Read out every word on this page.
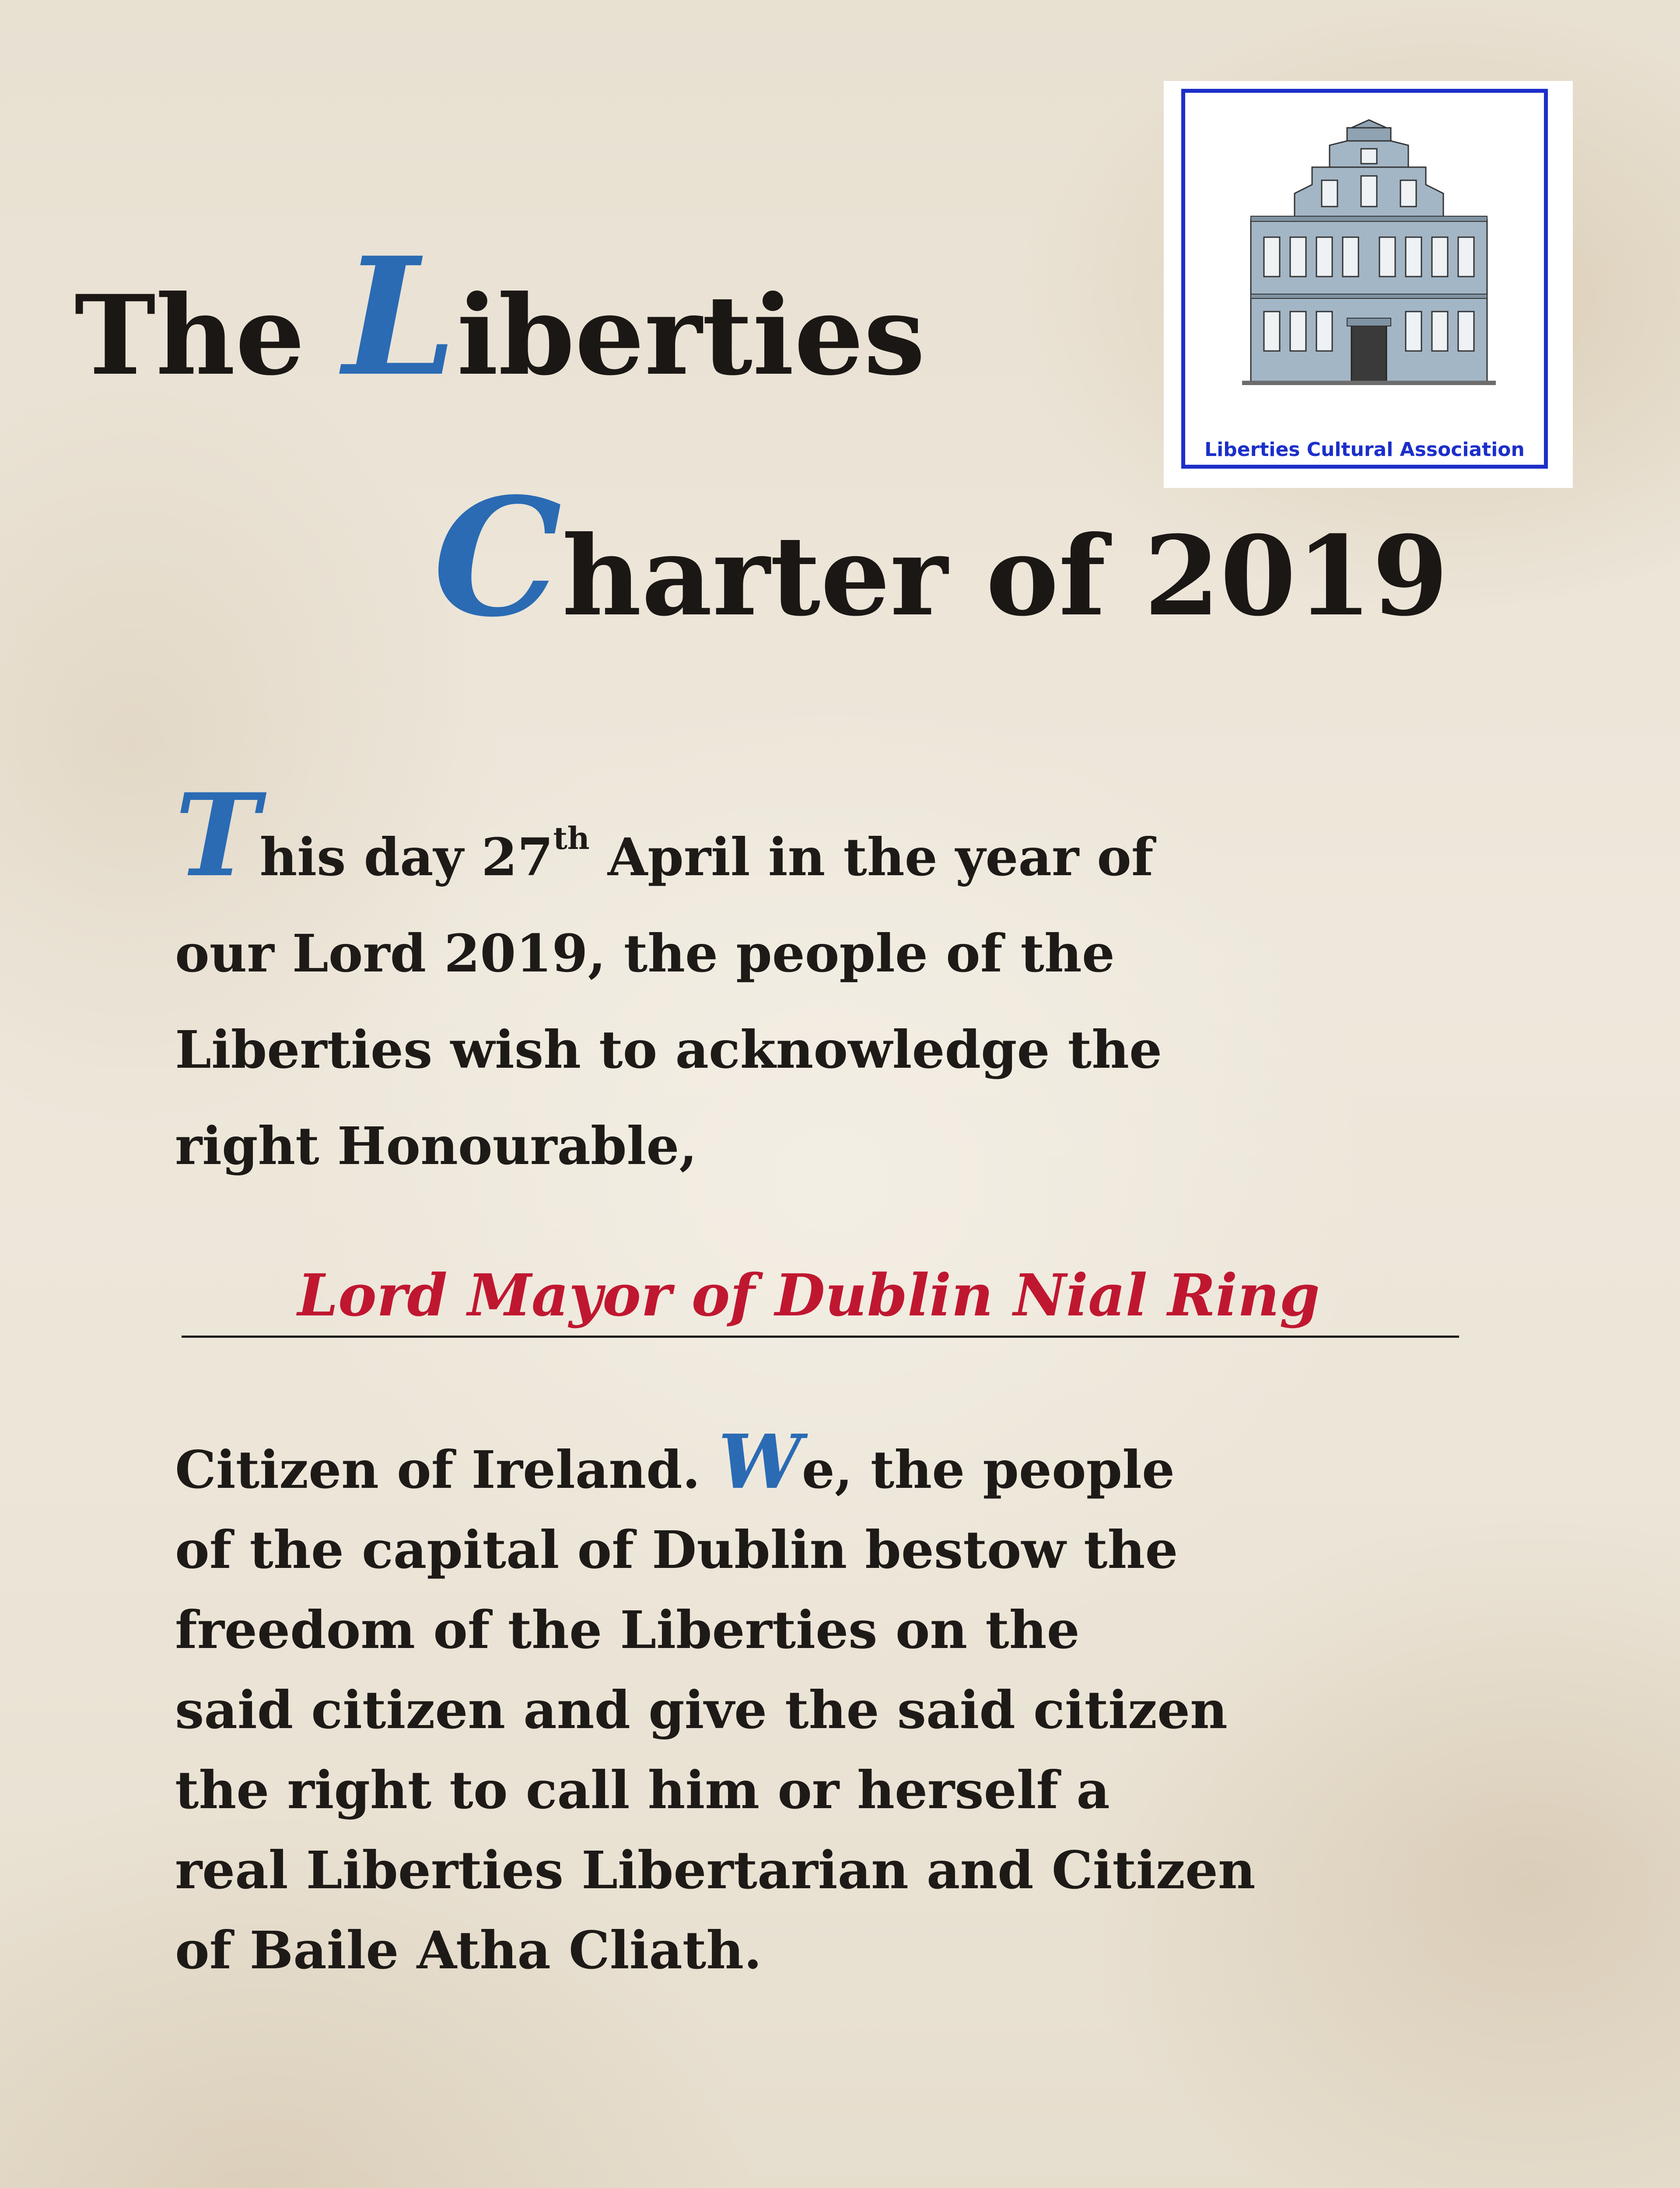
The Liberties
Charter of 2019
Liberties Cultural Association
This day 27th April in the year of
our Lord 2019, the people of the
Liberties wish to acknowledge the
right Honourable,
Lord Mayor of Dublin Nial Ring
Citizen of Ireland. We, the people
of the capital of Dublin bestow the
freedom of the Liberties on the
said citizen and give the said citizen
the right to call him or herself a
real Liberties Libertarian and Citizen
of Baile Atha Cliath.
